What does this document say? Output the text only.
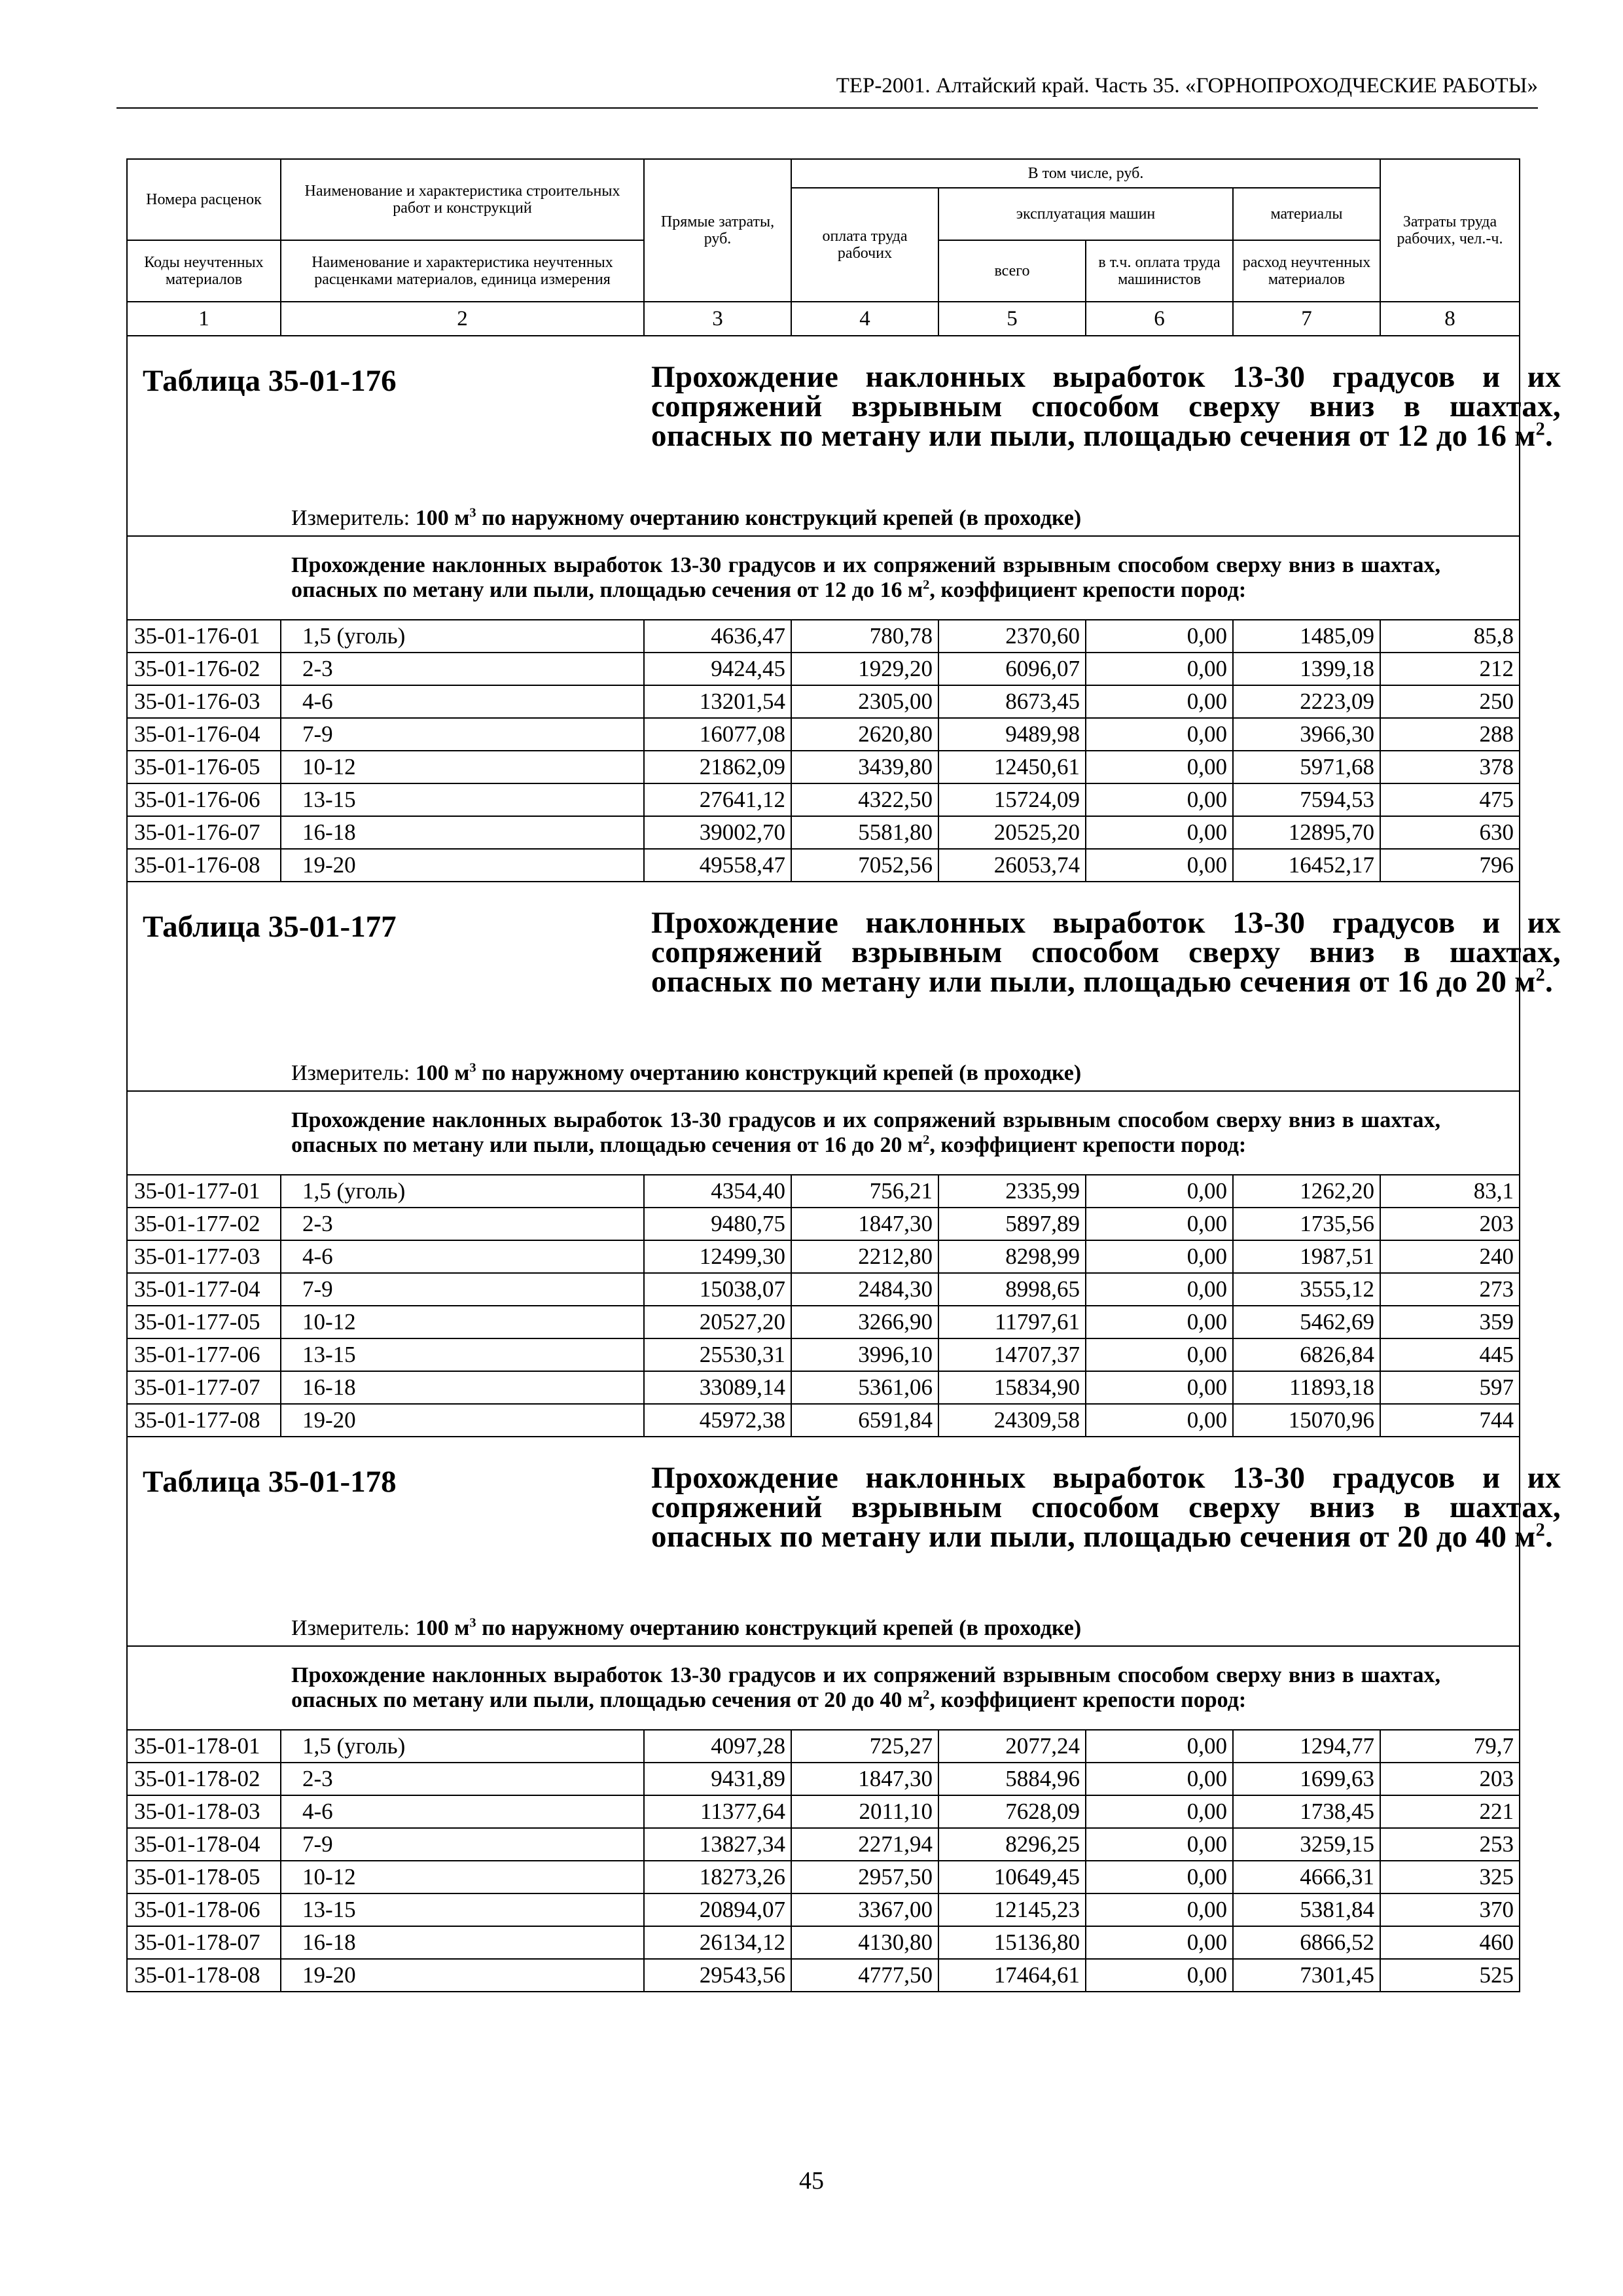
ТЕР-2001. Алтайский край. Часть 35. «ГОРНОПРОХОДЧЕСКИЕ РАБОТЫ»
Номера расценок	Наименование и характеристика строительных работ и конструкций	Прямые затраты, руб.	В том числе, руб.				Затраты труда рабочих, чел.-ч.
			оплата труда рабочих	эксплуатация машин		материалы	
Коды неучтенных материалов	Наименование и характеристика неучтенных расценками материалов, единица измерения			всего	в т.ч. оплата труда машинистов	расход неучтенных материалов	
1	2	3	4	5	6	7	8

Таблица 35-01-176 Прохождение наклонных выработок 13-30 градусов и их сопряжений взрывным способом сверху вниз в шахтах, опасных по метану или пыли, площадью сечения от 12 до 16 $м^2$.
Измеритель: 100 $м^3$ по наружному очертанию конструкций крепей (в проходке)							

Прохождение наклонных выработок 13-30 градусов и их сопряжений взрывным способом сверху вниз в шахтах, опасных по метану или пыли, площадью сечения от 12 до 16 $м^2$, коэффициент крепости пород:							
35-01-176-01	1,5 (уголь)	4636,47	780,78	2370,60	0,00	1485,09	85,8
35-01-176-02	2-3	9424,45	1929,20	6096,07	0,00	1399,18	212
35-01-176-03	4-6	13201,54	2305,00	8673,45	0,00	2223,09	250
35-01-176-04	7-9	16077,08	2620,80	9489,98	0,00	3966,30	288
35-01-176-05	10-12	21862,09	3439,80	12450,61	0,00	5971,68	378
35-01-176-06	13-15	27641,12	4322,50	15724,09	0,00	7594,53	475
35-01-176-07	16-18	39002,70	5581,80	20525,20	0,00	12895,70	630
35-01-176-08	19-20	49558,47	7052,56	26053,74	0,00	16452,17	796

Таблица 35-01-177 Прохождение наклонных выработок 13-30 градусов и их сопряжений взрывным способом сверху вниз в шахтах, опасных по метану или пыли, площадью сечения от 16 до 20 $м^2$.
Измеритель: 100 $м^3$ по наружному очертанию конструкций крепей (в проходке)							

Прохождение наклонных выработок 13-30 градусов и их сопряжений взрывным способом сверху вниз в шахтах, опасных по метану или пыли, площадью сечения от 16 до 20 $м^2$, коэффициент крепости пород:							
35-01-177-01	1,5 (уголь)	4354,40	756,21	2335,99	0,00	1262,20	83,1
35-01-177-02	2-3	9480,75	1847,30	5897,89	0,00	1735,56	203
35-01-177-03	4-6	12499,30	2212,80	8298,99	0,00	1987,51	240
35-01-177-04	7-9	15038,07	2484,30	8998,65	0,00	3555,12	273
35-01-177-05	10-12	20527,20	3266,90	11797,61	0,00	5462,69	359
35-01-177-06	13-15	25530,31	3996,10	14707,37	0,00	6826,84	445
35-01-177-07	16-18	33089,14	5361,06	15834,90	0,00	11893,18	597
35-01-177-08	19-20	45972,38	6591,84	24309,58	0,00	15070,96	744

Таблица 35-01-178 Прохождение наклонных выработок 13-30 градусов и их сопряжений взрывным способом сверху вниз в шахтах, опасных по метану или пыли, площадью сечения от 20 до 40 $м^2$.
Измеритель: 100 $м^3$ по наружному очертанию конструкций крепей (в проходке)							

Прохождение наклонных выработок 13-30 градусов и их сопряжений взрывным способом сверху вниз в шахтах, опасных по метану или пыли, площадью сечения от 20 до 40 $м^2$, коэффициент крепости пород:							
35-01-178-01	1,5 (уголь)	4097,28	725,27	2077,24	0,00	1294,77	79,7
35-01-178-02	2-3	9431,89	1847,30	5884,96	0,00	1699,63	203
35-01-178-03	4-6	11377,64	2011,10	7628,09	0,00	1738,45	221
35-01-178-04	7-9	13827,34	2271,94	8296,25	0,00	3259,15	253
35-01-178-05	10-12	18273,26	2957,50	10649,45	0,00	4666,31	325
35-01-178-06	13-15	20894,07	3367,00	12145,23	0,00	5381,84	370
35-01-178-07	16-18	26134,12	4130,80	15136,80	0,00	6866,52	460
35-01-178-08	19-20	29543,56	4777,50	17464,61	0,00	7301,45	525
45
